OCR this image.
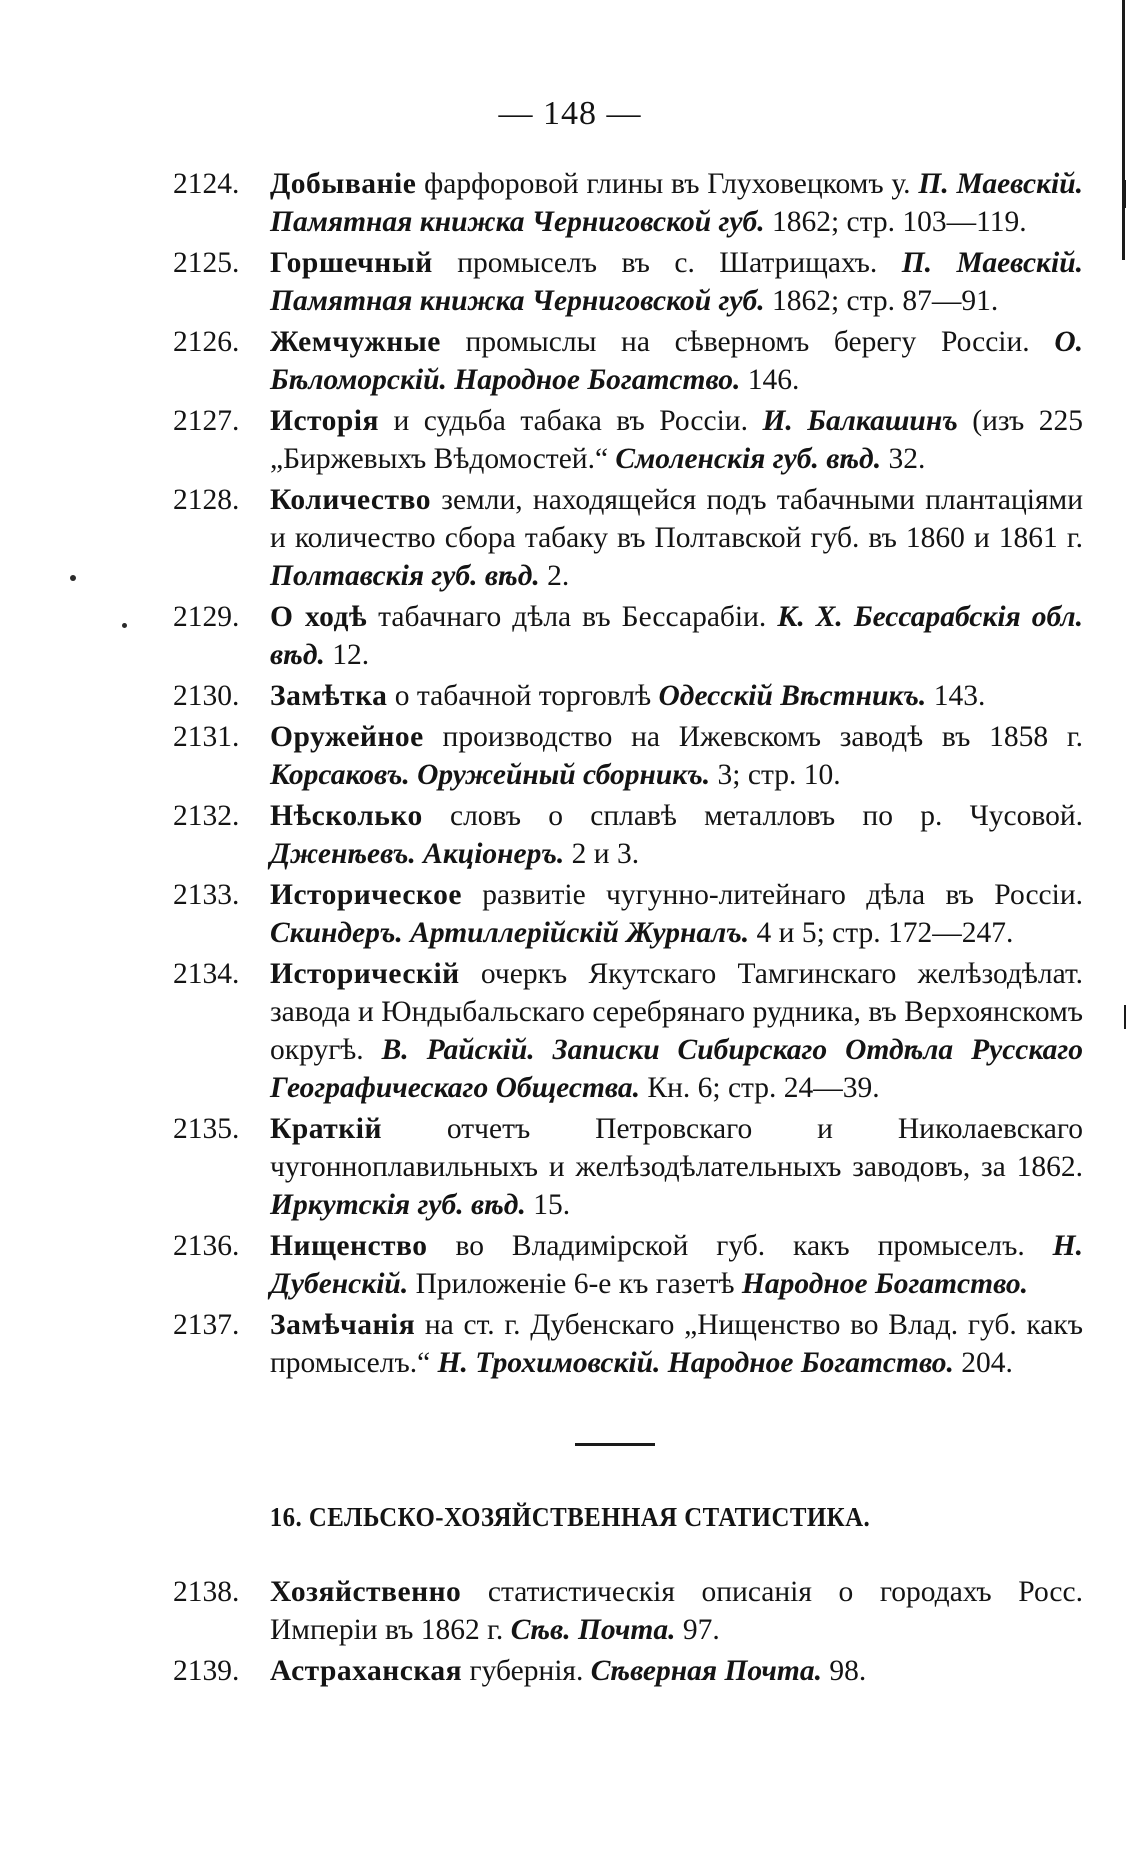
— 148 —
2124. Добываніе фарфоровой глины въ Глуховецкомъ у. П. Маевскій. Памятная книжка Черниговской губ. 1862; стр. 103—119.
2125. Горшечный промыселъ въ с. Шатрищахъ. П. Маевскій. Памятная книжка Черниговской губ. 1862; стр. 87—91.
2126. Жемчужные промыслы на сѣверномъ берегу Россіи. О. Бѣломорскій. Народное Богатство. 146.
2127. Исторія и судьба табака въ Россіи. И. Балкашинъ (изъ 225 „Биржевыхъ Вѣдомостей.“ Смоленскія губ. вѣд. 32.
2128. Количество земли, находящейся подъ табачными плантаціями и количество сбора табаку въ Полтавской губ. въ 1860 и 1861 г. Полтавскія губ. вѣд. 2.
2129. О ходѣ табачнаго дѣла въ Бессарабіи. К. Х. Бессарабскія обл. вѣд. 12.
2130. Замѣтка о табачной торговлѣ Одесскій Вѣстникъ. 143.
2131. Оружейное производство на Ижевскомъ заводѣ въ 1858 г. Корсаковъ. Оружейный сборникъ. 3; стр. 10.
2132. Нѣсколько словъ о сплавѣ металловъ по р. Чусовой. Дженѣевъ. Акціонеръ. 2 и 3.
2133. Историческое развитіе чугунно-литейнаго дѣла въ Россіи. Скиндеръ. Артиллерійскій Журналъ. 4 и 5; стр. 172—247.
2134. Историческій очеркъ Якутскаго Тамгинскаго желѣзодѣлат. завода и Юндыбальскаго серебрянаго рудника, въ Верхоянскомъ округѣ. В. Райскій. Записки Сибирскаго Отдѣла Русскаго Географическаго Общества. Кн. 6; стр. 24—39.
2135. Краткій отчетъ Петровскаго и Николаевскаго чугоннoплавильныхъ и желѣзодѣлательныхъ заводовъ, за 1862. Иркутскія губ. вѣд. 15.
2136. Нищенство во Владимірской губ. какъ промыселъ. Н. Дубенскій. Приложеніе 6-е къ газетѣ Народное Богатство.
2137. Замѣчанія на ст. г. Дубенскаго „Нищенство во Влад. губ. какъ промыселъ.“ Н. Трохимовскій. Народное Богатство. 204.
16. СЕЛЬСКО-ХОЗЯЙСТВЕННАЯ СТАТИСТИКА.
2138. Хозяйственно статистическія описанія о городахъ Росс. Имперіи въ 1862 г. Сѣв. Почта. 97.
2139. Астраханская губернія. Сѣверная Почта. 98.
